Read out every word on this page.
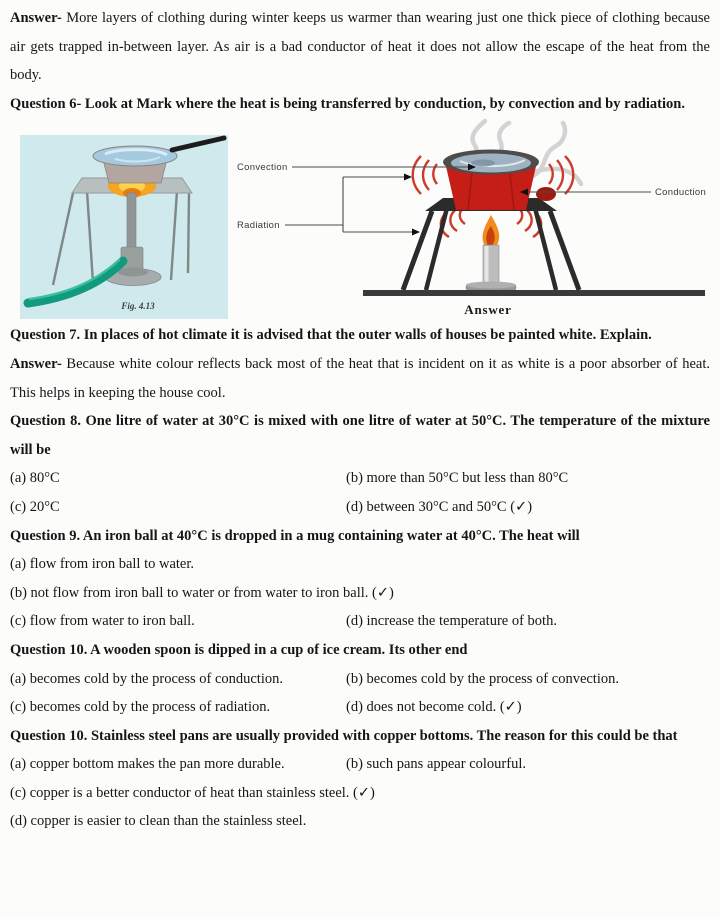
Answer- More layers of clothing during winter keeps us warmer than wearing just one thick piece of clothing because air gets trapped in-between layer. As air is a bad conductor of heat it does not allow the escape of the heat from the body.

Question 6- Look at Mark where the heat is being transferred by conduction, by convection and by radiation.

Fig. 4.13
Convection
Radiation
Conduction
Answer

Question 7. In places of hot climate it is advised that the outer walls of houses be painted white. Explain.

Answer- Because white colour reflects back most of the heat that is incident on it as white is a poor absorber of heat. This helps in keeping the house cool.

Question 8. One litre of water at 30°C is mixed with one litre of water at 50°C. The temperature of the mixture will be

(a) 80°C	(b) more than 50°C but less than 80°C
(c) 20°C	(d) between 30°C and 50°C (✓)

Question 9. An iron ball at 40°C is dropped in a mug containing water at 40°C. The heat will

(a) flow from iron ball to water.

(b) not flow from iron ball to water or from water to iron ball. (✓)

(c) flow from water to iron ball.	(d) increase the temperature of both.

Question 10. A wooden spoon is dipped in a cup of ice cream. Its other end

(a) becomes cold by the process of conduction.	(b) becomes cold by the process of convection.
(c) becomes cold by the process of radiation.	(d) does not become cold. (✓)

Question 10. Stainless steel pans are usually provided with copper bottoms. The reason for this could be that

(a) copper bottom makes the pan more durable.	(b) such pans appear colourful.

(c) copper is a better conductor of heat than stainless steel. (✓)

(d) copper is easier to clean than the stainless steel.
